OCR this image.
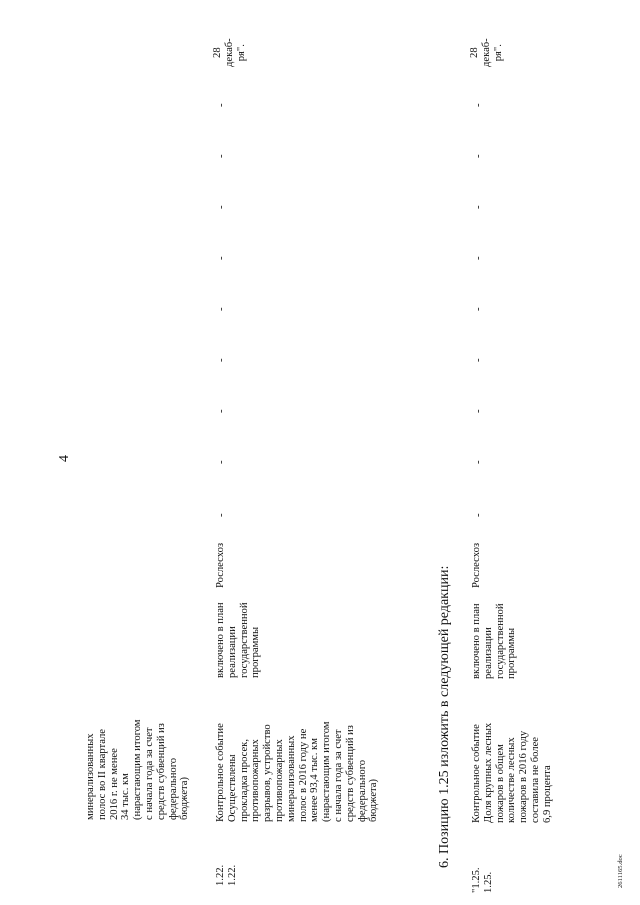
4
минерализованных полос во II квартале 2016 г. не менее 34 тыс. км (нарастающим итогом с начала года за счет средств субвенций из федерального бюджета)
1.22. 1.22.
Контрольное событие Осуществлены прокладка просек, противопожарных разрывов, устройство противопожарных минерализованных полос в 2016 году не менее 93,4 тыс. км (нарастающим итогом с начала года за счет средств субвенций из федерального бюджета)
включено в план реализации государственной программы
Рослесхоз
-
-
-
-
-
-
-
-
-
28 декаб- ря".
6. Позицию 1.25 изложить в следующей редакции:
"1.25. 1.25.
Контрольное событие Доля крупных лесных пожаров в общем количестве лесных пожаров в 2016 году составила не более 6,9 процента
включено в план реализации государственной программы
Рослесхоз
-
-
-
-
-
-
-
-
-
28 декаб- ря".
2611165.doc
